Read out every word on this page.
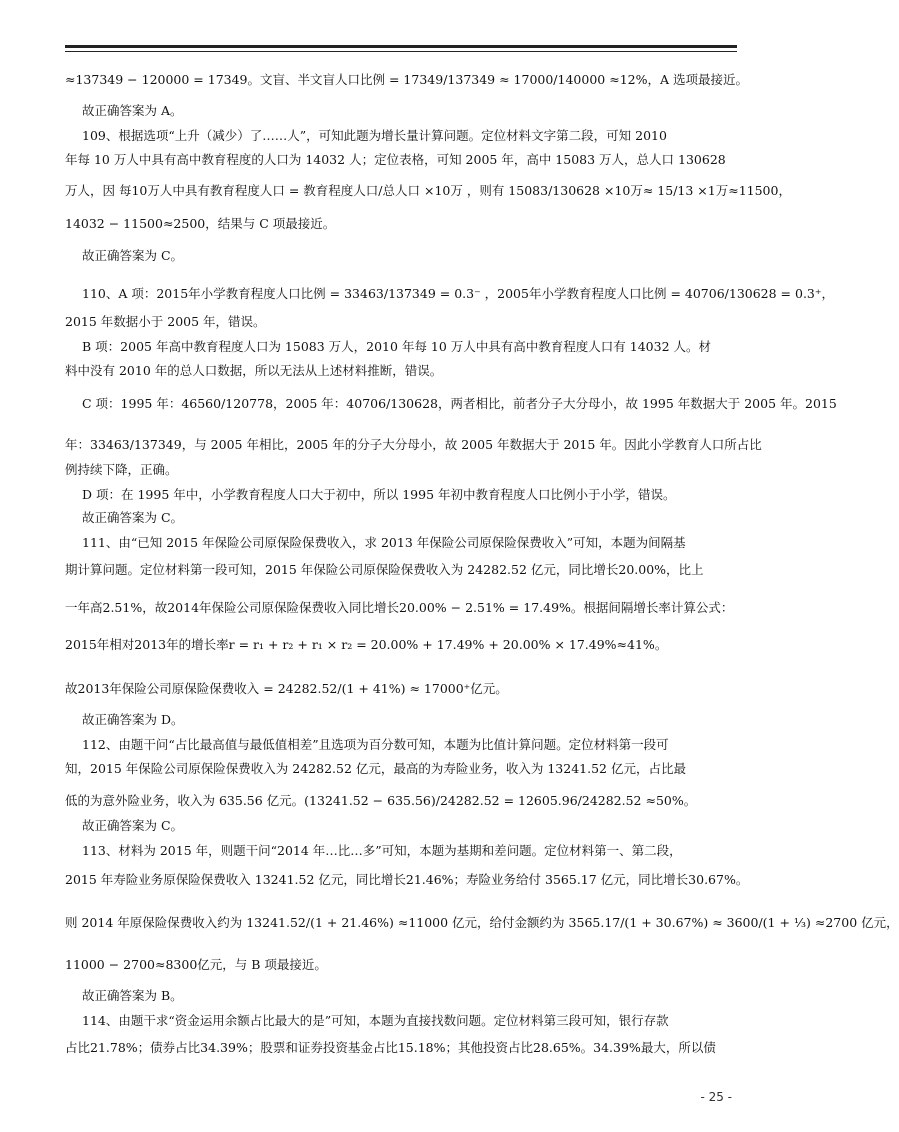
≈137349 − 120000 = 17349。文盲、半文盲人口比例 = 17349/137349 ≈ 17000/140000 ≈12%，A 选项最接近。
故正确答案为 A。
109、根据选项“上升（减少）了……人”，可知此题为增长量计算问题。定位材料文字第二段，可知 2010
年每 10 万人中具有高中教育程度的人口为 14032 人；定位表格，可知 2005 年，高中 15083 万人，总人口 130628
万人，因 每10万人中具有教育程度人口 = 教育程度人口/总人口 ×10万 ，则有 15083/130628 ×10万≈ 15/13 ×1万≈11500，
14032 − 11500≈2500，结果与 C 项最接近。
故正确答案为 C。
110、A 项：2015年小学教育程度人口比例 = 33463/137349 = 0.3⁻ ，2005年小学教育程度人口比例 = 40706/130628 = 0.3⁺，
2015 年数据小于 2005 年，错误。
B 项：2005 年高中教育程度人口为 15083 万人，2010 年每 10 万人中具有高中教育程度人口有 14032 人。材
料中没有 2010 年的总人口数据，所以无法从上述材料推断，错误。
C 项：1995 年：46560/120778，2005 年：40706/130628，两者相比，前者分子大分母小，故 1995 年数据大于 2005 年。2015
年：33463/137349，与 2005 年相比，2005 年的分子大分母小，故 2005 年数据大于 2015 年。因此小学教育人口所占比
例持续下降，正确。
D 项：在 1995 年中，小学教育程度人口大于初中，所以 1995 年初中教育程度人口比例小于小学，错误。
故正确答案为 C。
111、由“已知 2015 年保险公司原保险保费收入，求 2013 年保险公司原保险保费收入”可知，本题为间隔基
期计算问题。定位材料第一段可知，2015 年保险公司原保险保费收入为 24282.52 亿元，同比增长20.00%，比上
一年高2.51%，故2014年保险公司原保险保费收入同比增长20.00% − 2.51% = 17.49%。根据间隔增长率计算公式：
2015年相对2013年的增长率r = r₁ + r₂ + r₁ × r₂ = 20.00% + 17.49% + 20.00% × 17.49%≈41%。
故2013年保险公司原保险保费收入 = 24282.52/(1 + 41%) ≈ 17000⁺亿元。
故正确答案为 D。
112、由题干问“占比最高值与最低值相差”且选项为百分数可知，本题为比值计算问题。定位材料第一段可
知，2015 年保险公司原保险保费收入为 24282.52 亿元，最高的为寿险业务，收入为 13241.52 亿元，占比最
低的为意外险业务，收入为 635.56 亿元。(13241.52 − 635.56)/24282.52 = 12605.96/24282.52 ≈50%。
故正确答案为 C。
113、材料为 2015 年，则题干问“2014 年…比…多”可知，本题为基期和差问题。定位材料第一、第二段，
2015 年寿险业务原保险保费收入 13241.52 亿元，同比增长21.46%；寿险业务给付 3565.17 亿元，同比增长30.67%。
则 2014 年原保险保费收入约为 13241.52/(1 + 21.46%) ≈11000 亿元，给付金额约为 3565.17/(1 + 30.67%) ≈ 3600/(1 + ⅓) ≈2700 亿元，
11000 − 2700≈8300亿元，与 B 项最接近。
故正确答案为 B。
114、由题干求“资金运用余额占比最大的是”可知，本题为直接找数问题。定位材料第三段可知，银行存款
占比21.78%；债券占比34.39%；股票和证券投资基金占比15.18%；其他投资占比28.65%。34.39%最大，所以债
- 25 -
